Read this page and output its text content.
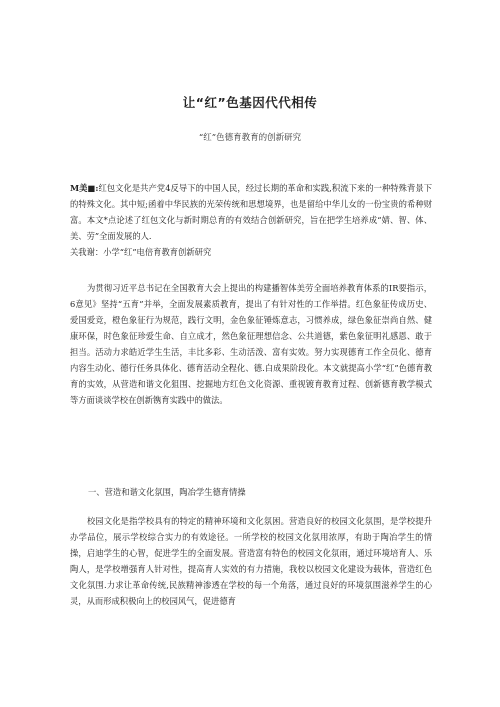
让“红”色基因代代相传
“红”色德育教育的创新研究

M美■:红包文化是共产党4反导下的中国人民，经过长期的革命和实践,积流下来的一种特殊背景下的特殊文化。其中短;函着中华民族的光荣传统和思想境界，也是留给中华儿女的一份宝贵的希种财富。本文*点论述了红包文化与新时期总育的有效结合创新研究，旨在把学生培养成“婧、智、体、美、劳”全面发展的人.

关我谢：小学“红”电倍育教育创新研究

为贯彻习近平总书记在全国教育大会上提出的构建播智体美劳全面培养教育体系的IR要指示，6意见》坚持“五育”并举，全面发展素质教育，提出了有针对性的工作举措。红色象征传成历史、爱国爱竞，橙色象征行为规范，践行文明，金色象征锤炼意志，习惯养成，绿色象征崇尚自然、健康环保，时色象征珍爱生命、自立成才，然色象征理想信念、公共道德，紫色象征明礼感恩、敢于担当。活动力求皓近学生生活，丰比多彩、生动活泼、富有实效。努力实现德育工作全员化、德育内容生动化、德行任务具体化、德育活动全程化、德.白成果阶段化。本文就提高小学“红”色德育教育的实效，从营造和谐文化狙围、挖掘地方红色文化资源、重视镀育教育过程、创新德育教学模式等方面谈谈学校在创新镌育实践中的做法。

一、营造和谐文化氛围，陶冶学生德育情操

校园文化是指学校具有的特定的精神环境和文化氛困。营造良好的校园文化氛围，是学校提升办学品位，展示学校综合实力的有效途径。一所学校的校园文化氛用浓厚，有助于陶冶学生的情操，启迪学生的心智，促进学生的全面发展。营造富有特色的校园文化氛雨，通过环境培育人、乐陶人，是学校增强育人针对性，提高育人实效的有力措施，我校以校园文化建设为载体，营造红色文化氛围.力求让革命传统,民族精神渗透在学校的每一个角落，通过良好的环境氛围滋养学生的心灵，从而形成积极向上的校园风气，促进德育
